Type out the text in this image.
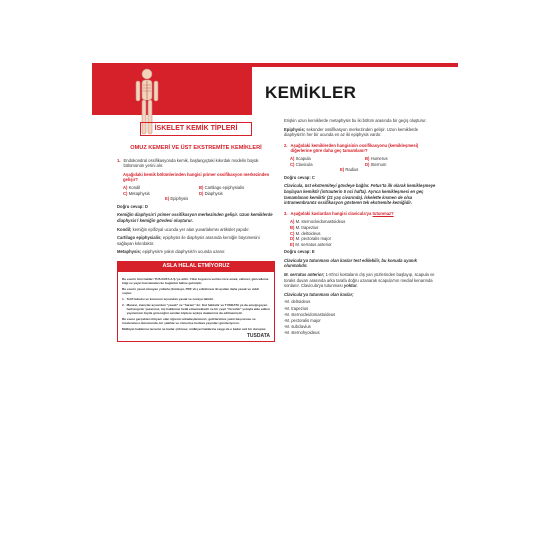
KEMİKLER
İSKELET KEMİK TİPLERİ
OMUZ KEMERİ VE ÜST EKSTREMİTE KEMİKLERİ
1. Endokondral ossifikasyonda kemik, başlangıçtaki kıkırdak modelin büyük bölümünün yerini alır.

Aşağıdaki kemik bölümlerinden hangisi primer ossifikasyon merkezinden gelişir?

A) Kondil	B) Cartilago epiphysialis
C) Metaphysis	D) Diaphysis
E) Epiphysis

Doğru cevap: D

Kemiğin diaphysis'i primer ossifikasyon merkezinden gelişir. Uzun kemiklerde diaphysis'i kemiğin gövdesi oluşturur.

Kondil; kemiğin epifizyal ucunda yer alan yuvarlakımsı artikület yapıdır.

Cartilago epiphysialis; epiphysis ile diaphysis arasında kemiğin büyümesini sağlayan kıkırdaktır.

Metaphysis; epiphysis'e yakın diaphysis'in ucunda uzanır.

ASLA HELAL ETMİYORUZ

Bu eserin tüm hakları TUS-DATA A.Ş.'ye aittir. Yıllar boyunca verilen nice emek, zahmet, güncelleme bilgi ve yayın harcamaları ile bugünkü haline gelmiştir.

Bu eserin yasal olmayan yollarla (fotokopi, PDF vb.) edinilmesi iki açıdan daha yasak ve ciddi suçtur.

1. Telif hukuku ve konunun açısından yasak ve cezaya tabidir.
2. Manevi, inançlar açısından "yasak" ve "haram" dır. Kul hakkıdır ve TUSDATA ya da emeği geçen herhangi bir yazarımız, hiç hakkımızı helal etmemektedir ve bir çeşit "hırsızlık" yoluyla elde edilen yayınımızın fayda göreceğini sanılan kişilere açıkça dualarımız da edilmemiştir.

Bu esere gerçekten ihtiyacı olan öğrenci arkadaşlarımızın; gelirlerimize yazılı başvurusu ve incelenmesi durumunda, bir şekilde ve cömertçe bedava yayınları gönderiyoruz.

Mülkiyet haklarına tecavüz ne kadar çirkinse; mülkiyet haklarına saygı da o kadar asil bir duruştur.

TUSDATA

Erişkin uzun kemiklerde metaphysis bu iki bölüm arasında bir geçiş oluşturur.

Epiphysis; sekonder ossifikasyon merkezinden gelişir. Uzun kemiklerde diaphysis'in her bir ucunda en az iki epiphysis vardır.

2. Aşağıdaki kemiklerden hangisinin ossifikasyonu (kemikleşmesi) diğerlerine göre daha geç tamamlanır?
A) Scapula	B) Humerus
C) Clavicula	D) Sternum
E) Radius

Doğru cevap: C

Clavicula, üst ekstremiteyi gövdeye bağlar. Fetus'ta ilk olarak kemikleşmeye başlayan kemiktir (intrauterin 5 nci hafta). Ayrıca kemikleşmesi en geç tamamlanan kemiktir (21 yaş civarında). İskelette kısmen de olsa intramembranöz ossifikasyon gösteren tek ekstremite kemiğidir.

3. Aşağıdaki kaslardan hangisi clavicula'ya tutunmaz?
A) M. sternocleidomastoideus
B) M. trapezius
C) M. deltoideus
D) M. pectoralis major
E) M. serratus anterior

Doğru cevap: E

Clavicula'ya tutunması olan kaslar test edilebilir, bu konuda uyanık olunmalıdır.

M. serratus anterior; 1-8'inci kostaların dış yan yüzlerinden başlayıp, scapula ve toraks duvarı arasında arka tarafa doğru uzanarak scapula'nın medial kenarında sonlanır. Clavicula'ya tutunması yoktur.

Clavicula'ya tutunması olan kaslar;

-M. deltoideus
-M. trapezius
-M. sternocleidomastoideus
-M. pectoralis major
-M. subclavius
-M. sternohyoideus
